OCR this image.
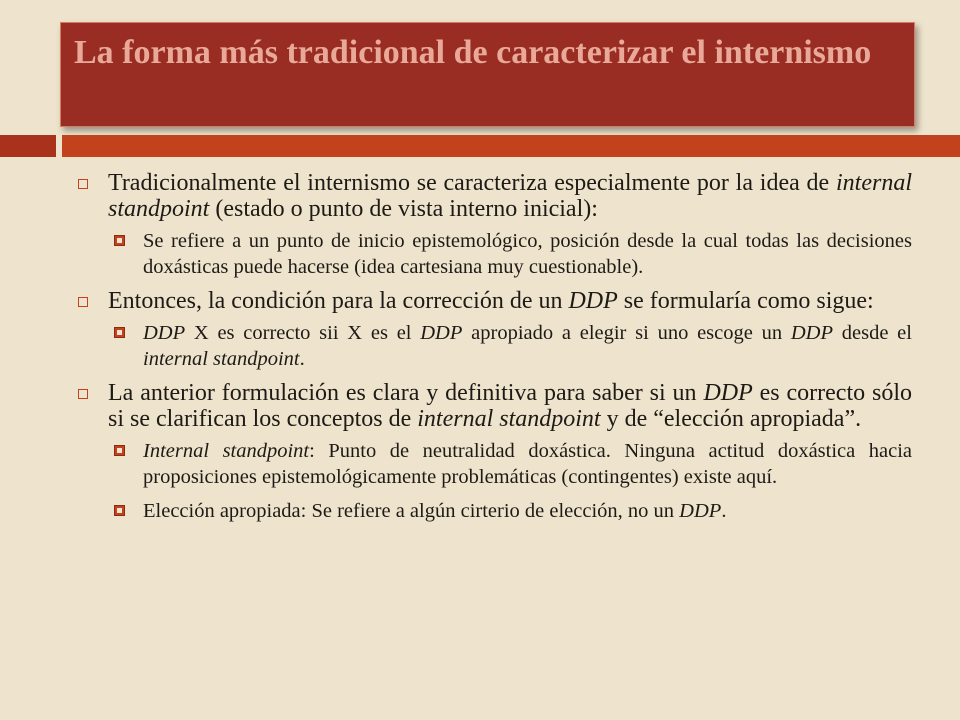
La forma más tradicional de caracterizar el internismo
Tradicionalmente el internismo se caracteriza especialmente por la idea de internal standpoint (estado o punto de vista interno inicial):
Se refiere a un punto de inicio epistemológico, posición desde la cual todas las decisiones doxásticas puede hacerse (idea cartesiana muy cuestionable).
Entonces, la condición para la corrección de un DDP se formularía como sigue:
DDP X es correcto sii X es el DDP apropiado a elegir si uno escoge un DDP desde el internal standpoint.
La anterior formulación es clara y definitiva para saber si un DDP es correcto sólo si se clarifican los conceptos de internal standpoint y de “elección apropiada”.
Internal standpoint: Punto de neutralidad doxástica. Ninguna actitud doxástica hacia proposiciones epistemológicamente problemáticas (contingentes) existe aquí.
Elección apropiada: Se refiere a algún cirterio de elección, no un DDP.
